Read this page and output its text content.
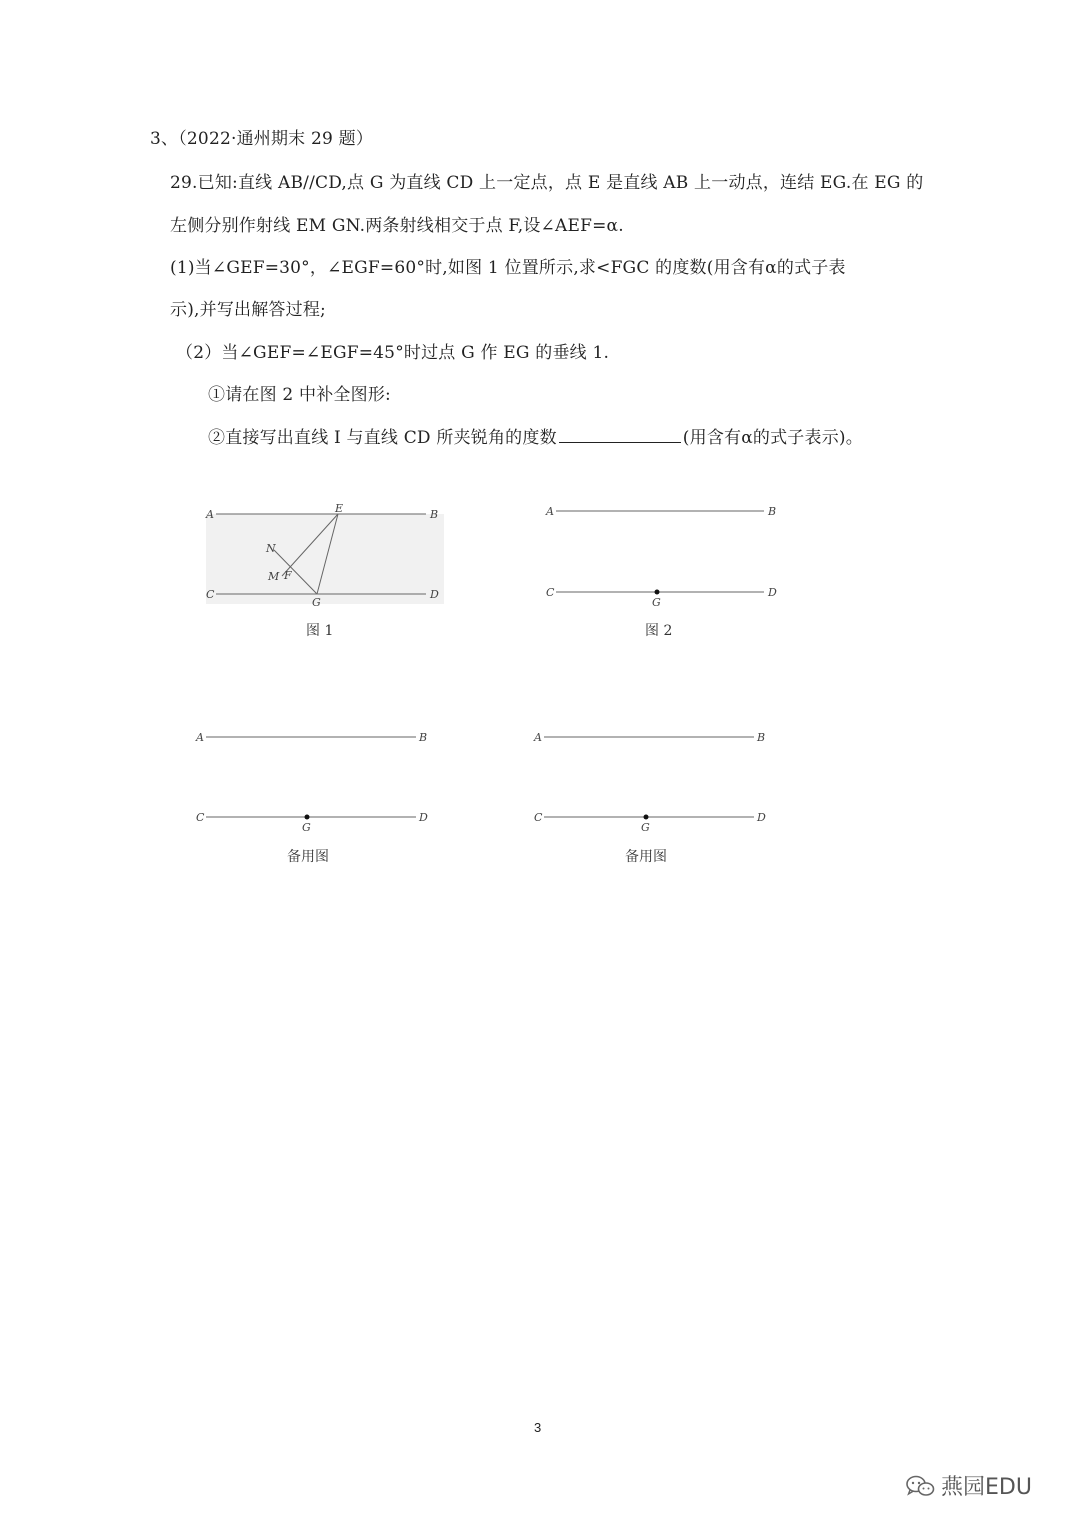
3、（2022·通州期末 29 题）
29.已知:直线 AB//CD,点 G 为直线 CD 上一定点，点 E 是直线 AB 上一动点，连结 EG.在 EG 的
左侧分别作射线 EM GN.两条射线相交于点 F,设∠AEF=α.
(1)当∠GEF=30°，∠EGF=60°时,如图 1 位置所示,求<FGC 的度数(用含有α的式子表
示),并写出解答过程;
（2）当∠GEF=∠EGF=45°时过点 G 作 EG 的垂线 1.
①请在图 2 中补全图形:
②直接写出直线 I 与直线 CD 所夹锐角的度数	(用含有α的式子表示)。
A	B
E
N
M F
C	D
G
图 1
A	B
C	D
G
图 2
A	B
C	D
G
备用图
A	B
C	D
G
备用图
3
燕园EDU
